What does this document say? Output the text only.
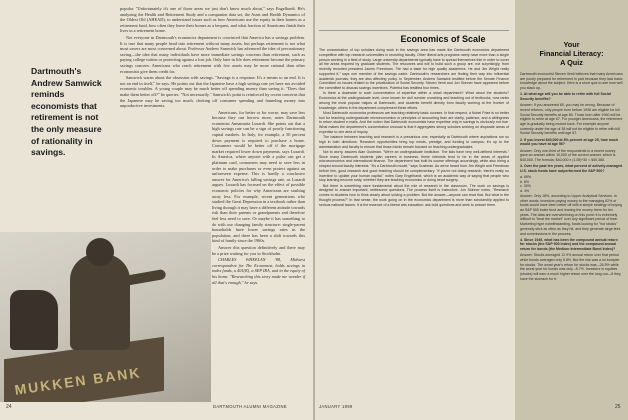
Dartmouth's Andrew Samwick reminds economists that retirement is not the only measure of rationality in savings.

popular. "Unfortunately it's one of those areas we just don't know much about," says Engelhardt. He's analyzing the Health and Retirement Study and a companion data set, the Asset and Health Dynamics of the Oldest Old (AHEAD), to understand issues such as how Americans use the equity in their homes as a retirement fund, how often they leave their homes as a bequest, and what fraction of Americans finish their lives in a retirement home.

Not everyone in Dartmouth's economics department is convinced that America has a savings problem. It is true that many people head into retirement without many assets, but perhaps retirement is not what most savers are most concerned about. Professor Andrew Samwick has advanced the idea of precautionary saving—the idea that many individuals have more immediate savings concerns than retirement, such as paying college tuition or protecting against a lost job. Only later in life does retirement become the primary savings concern. Americans who reach retirement with few assets may be more rational than other economists give them credit for.

Samwick warns about the obsession with savings. "Savings is a response. It's a means to an end. It is not an end in itself," he says. He points out that the Japanese have a high savings rate yet have not avoided economic troubles. A young couple may be much better off spending money than saving it. "Does that make them better off?" he queries. "Not necessarily." Samwick's point is reinforced by recent concerns that the Japanese may be saving too much, choking off consumer spending and funneling money into unproductive investments.

Americans, for better or for worse, may save less because they can borrow more, notes Dartmouth economist Annamaria Lusardi. She points out that a high savings rate can be a sign of poorly functioning capital markets. In Italy, for example, a 50 percent down payment is required to purchase a home. Consumers would be better off if the mortgage market required lower down payments, says Lusardi. In America, where anyone with a pulse can get a platinum card, consumers may need to save less in order to make purchases or even protect against an unforeseen expense. This is hardly a conclusive answer for America's falling savings rate, as Lusardi argues. Lusardi has focused on the effect of possible economic policies for why Americans are stashing away less. For example, recent generations who studied the Great Depression in a textbook rather than living through it may have a different attitude towards risk than their parents or grandparents and therefore feel less need to save. Or maybe it has something to do with our changing family structure: single-parent households have lower savings rates in the population, and there has been a shift towards this kind of family since the 1960s.

Answer this question definitively and there may be a prize waiting for you in Stockholm.

CHARLES WHEELAN '88, Midwest correspondent for The Economist, holds savings in index funds, a 401(K), a SEP IRA, and in the equity of his home. "Researching this story made me wonder if all that's enough," he says.

MUKKEN BANK
24	DARTMOUTH ALUMNI MAGAZINE
Economics of Scale

The concentration of top scholars doing work in the savings area has made the Dartmouth economics department competitive with top research universities in recruiting faculty. Other liberal arts programs rarely have more than a single person working in a field of study. Large university departments typically have to spread themselves thin in order to cover all the areas required by graduate students. The resources and will to build such a group are, not surprisingly, from recently recruited president James Freedman. "He had a taste for high quality academics. He and Jim Wright really supported it," says one member of the savings cadre. Dartmouth's researchers are finding their way into influential academic journals; they are also affecting policy. In September, Andrew Samwick testified before the Senate Finance Committee on issues related to the privatization of Social Security. Steven Venti and Jon Skinner have appeared before the committee to discuss savings incentives. Poterba has testified four times.

Is there a downside to such concentration of expertise within a small department? What about the students? Economics at the undergraduate level, once known for dull number crunching and teaching out of textbooks, now ranks among the most popular majors at Dartmouth, and students benefit directly from faculty working at the frontier of knowledge; others in the department complement these efforts.

Most Dartmouth economics professors are teaching relatively basic courses. In that respect, a Nobel Prize is no better tool for teaching undergraduate microeconomics or principles of accounting than are clarity, patience, and a willingness to return student e-mails. And the notion that Dartmouth economists have expertise only in savings is obviously not true. What makes the department's concentration unusual is that it aggregates strong scholars working on disparate areas of expertise to one area of inquiry.

The balance between teaching and research is a precarious one, especially at Dartmouth where aspirations run so high in both directions. Research opportunities bring top minds, prestige, and funding to campus; it's up to the administration and faculty to ensure that those minds remain focused on teaching undergraduates.

Not to worry, assures Alan Gustman. "We're an undergraduate institution. The kids have very well-defined interests." Since many Dartmouth students plan careers in business, these interests tend to be in the areas of applied microeconomics and international finance. The department has built its course offerings accordingly, while also hiring a shaped around faculty interests. "It's a Dartmouth model," says Gustman. As we've heard from Jim Wright and Freedman before him, good research and good teaching should be complementary. "If you're not doing research, there's really no incentive to update your human capital," notes Gary Engelhardt, which is an academic way of saying that people who stop learning become rusty, whether they are teaching economics or doing heart surgery.

But there is something more fundamental about the role of research in the classroom. The work on savings is designed to answer important, nettlesome questions. The process itself is instructive. Jon Skinner notes, "Research comes to students how to think clearly about solving a problem. But the answer—anyone can read that. But what is the thought process?" In that sense, the work going on in the economics department is more than scholarship applied to serious national issues. It is the essence of a liberal arts education: ask bold questions and seek to answer them.

Your
Financial Literacy:
A Quiz

Dartmouth economist Steven Venti believes that many Americans are poorly prepared for retirement in part because they lack basic knowledge about the subject. Here is a short quiz to see how well you stack up.

1. At what age will you be able to retire with full Social Security benefits?

Answer: If you answered 65, you may be wrong. Because of recent reforms, only people born before 1938 are eligible for full Social Security benefits at age 65. Those born after 1960 will be eligible to retire at age 67. For younger Americans, the retirement age is gradually being moved back. For example anyone currently under the age of 38 will not be eligible to retire with full Social Security benefits until age 67.

2. If you invest $40,000 at 8% percent at age 25, how much would you have at age 56?

Answer: Only one-third of the respondents in a recent survey gave an answer within 10,000 of the correct answer, which is $40,000. The formula: $40,000 x (1.05)^30 = $45,380.

3. Over the past ten years, what percent of actively-managed U.S. stock funds have outperformed the S&P 500?

a. 89%

b. 6%

c. 30%

d. 4%

Answer: Only 18%, according to Lipper Analytical Services. In other words, investors paying money to the managing 82% of funds would have been better off with a simple strategy of buying an S&P 500 index fund and leaving the money there for ten years. The data are overwhelming on this point: it is extremely difficult to "beat the market" over any significant period of time. Marketing hype notwithstanding, funds looking for "hot stocks" generally stick as often as they hit, and they generate large fees and commissions in the process.

4. Since 1945, what has been the compound annual return for stocks (the S&P 500 index) and the compound annual return for bonds (the Medium Intermediate Bond Index)?

Answer: Stocks averaged 12.9% annual return over that period while bonds averaged only 5.8%. But the risk was a lot bumpier for stocks. The worst year's return for stocks was –26.5% while the worst year for bonds was only –5.7%. Investors in equities (stocks) will earn a much higher return over the long run—if they have the stomach for it.

JANUARY 1999	25
